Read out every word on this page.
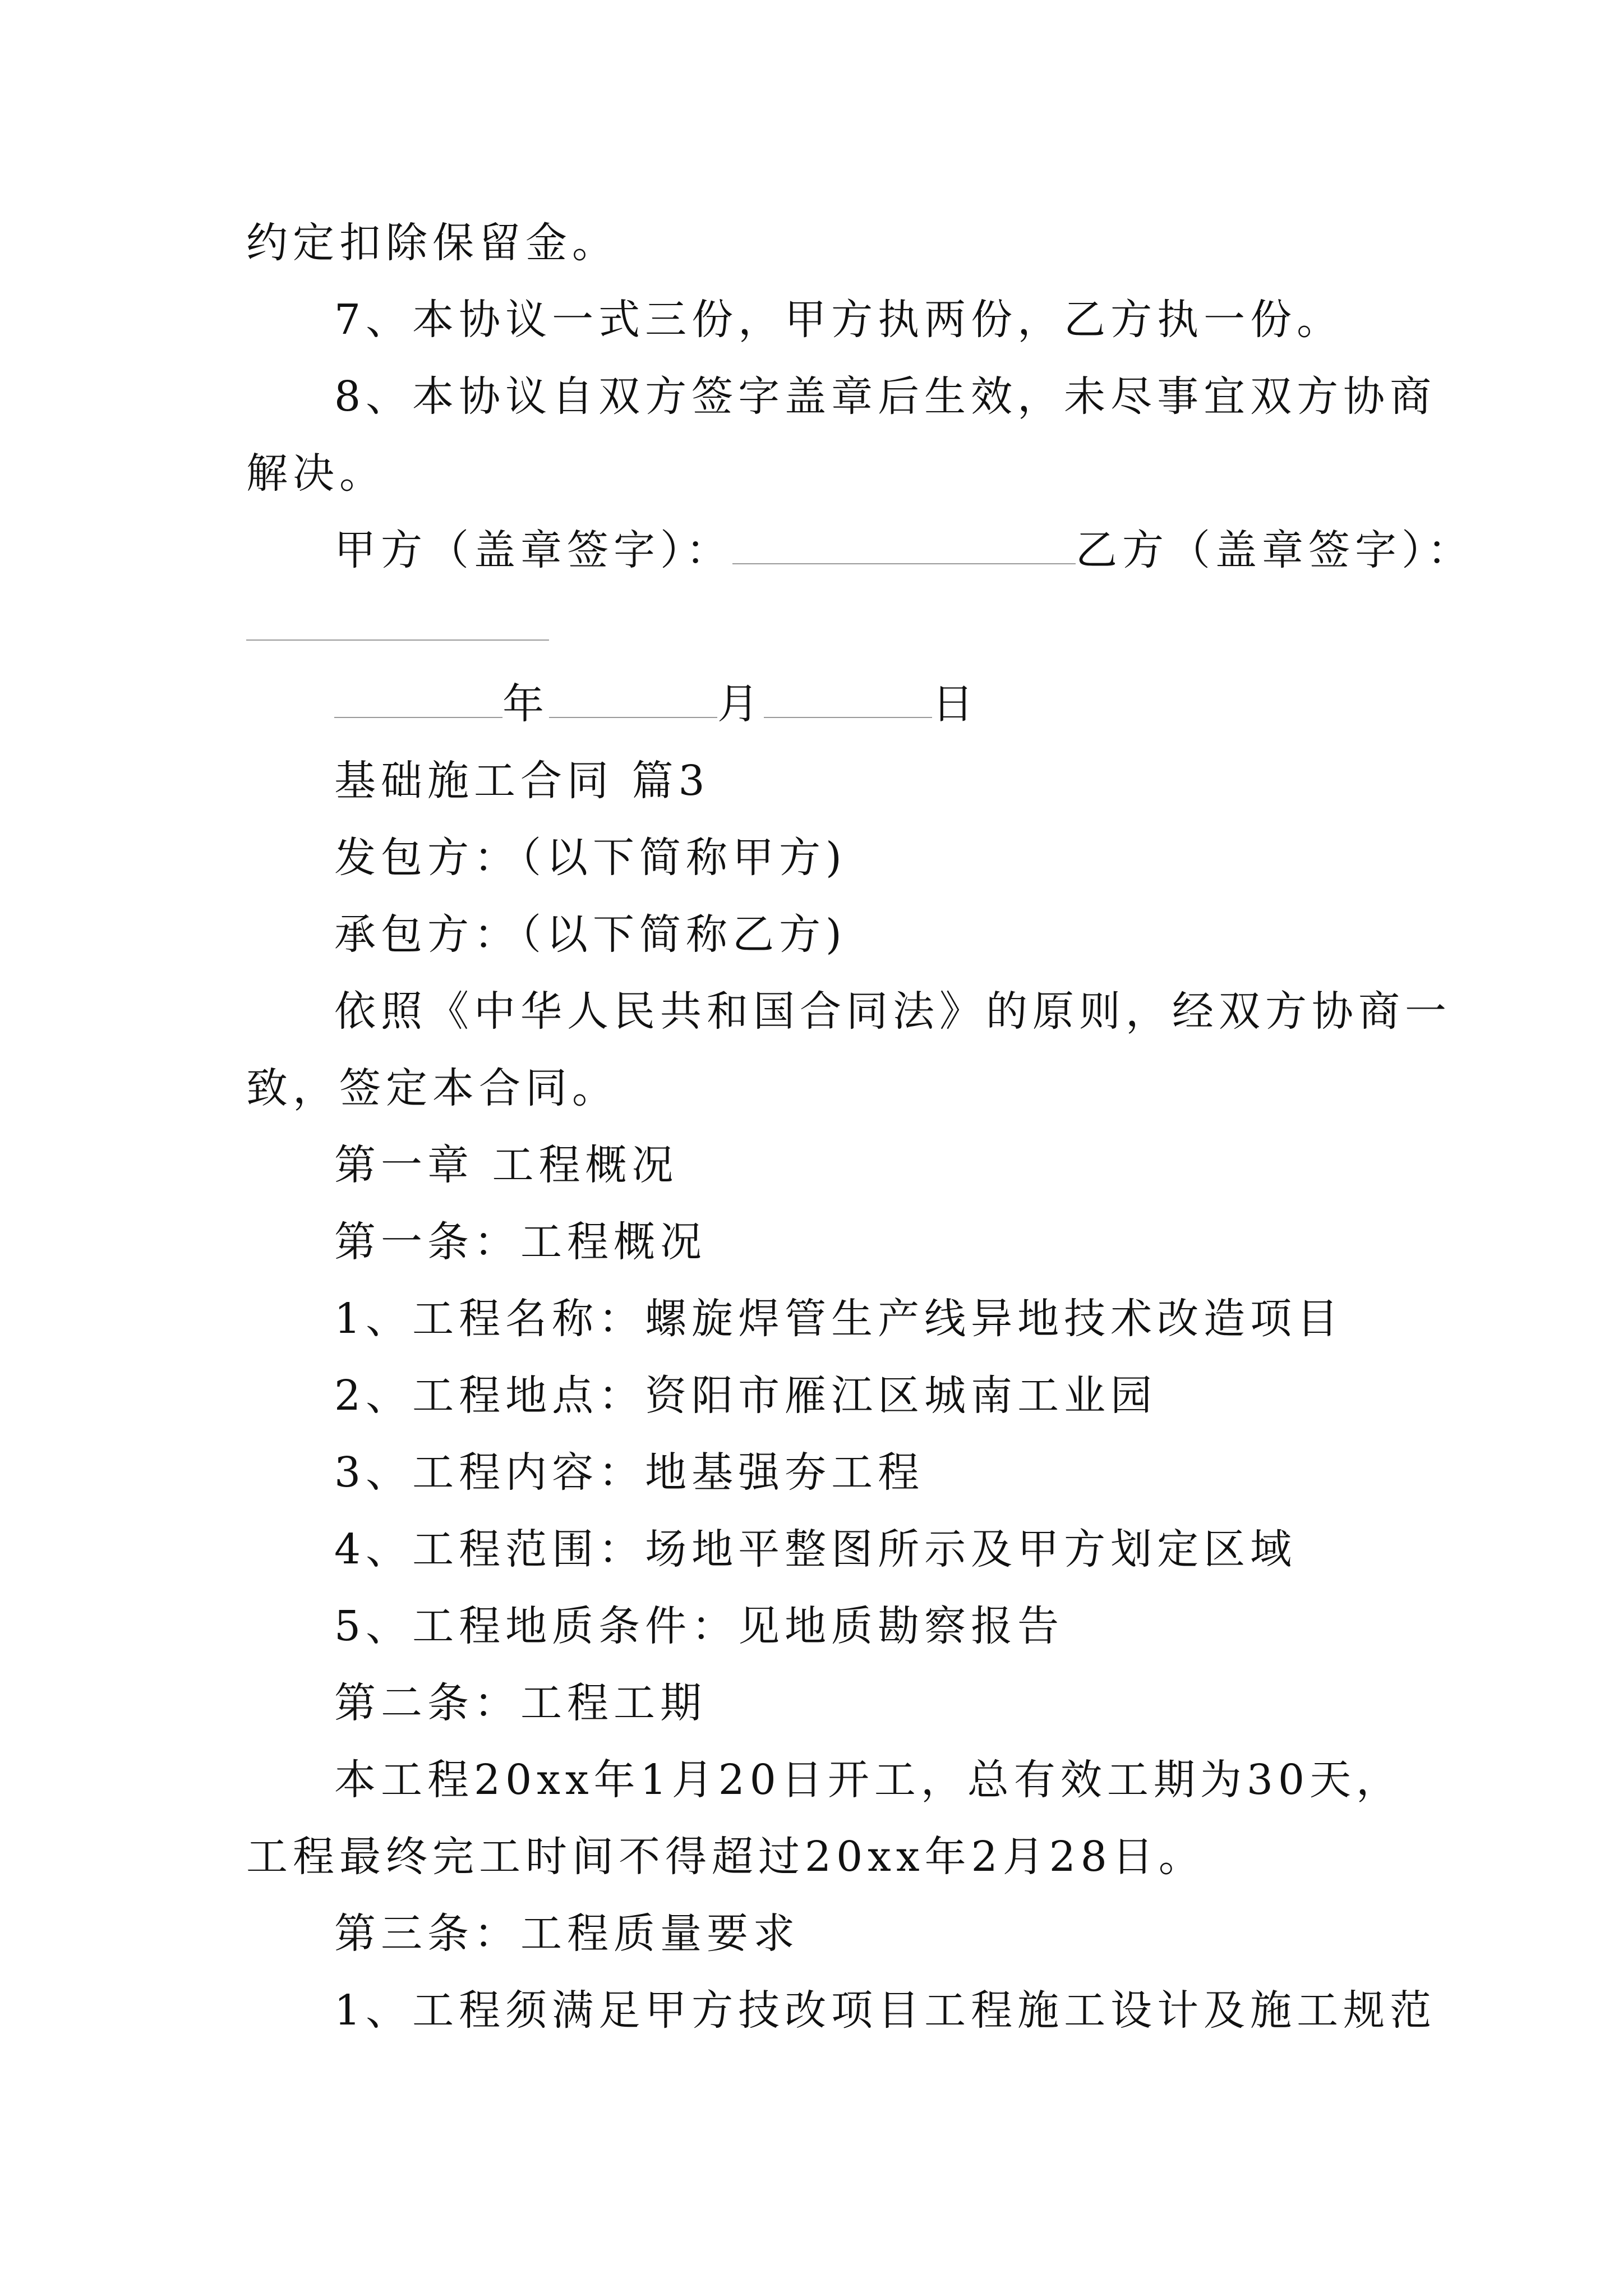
约定扣除保留金。
7、本协议一式三份，甲方执两份，乙方执一份。
8、本协议自双方签字盖章后生效，未尽事宜双方协商
解决。
甲方（盖章签字）：	乙方（盖章签字）：
年	月	日
基础施工合同 篇3
发包方：（以下简称甲方)
承包方：（以下简称乙方)
依照《中华人民共和国合同法》的原则，经双方协商一
致，签定本合同。
第一章 工程概况
第一条：工程概况
1、工程名称：螺旋焊管生产线异地技术改造项目
2、工程地点：资阳市雁江区城南工业园
3、工程内容：地基强夯工程
4、工程范围：场地平整图所示及甲方划定区域
5、工程地质条件：见地质勘察报告
第二条：工程工期
本工程20xx年1月20日开工，总有效工期为30天，
工程最终完工时间不得超过20xx年2月28日。
第三条：工程质量要求
1、工程须满足甲方技改项目工程施工设计及施工规范
